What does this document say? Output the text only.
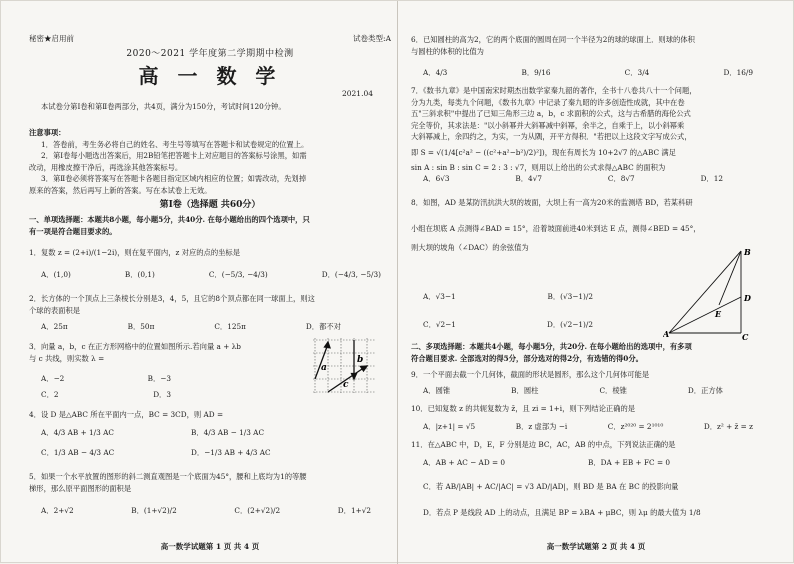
秘密★启用前	试卷类型:A
2020～2021 学年度第二学期期中检测
高 一 数 学
2021.04

本试卷分第Ⅰ卷和第Ⅱ卷两部分，共4页，满分为150分，考试时间120分钟。

注意事项：

1．答卷前，考生务必将自己的姓名、考生号等填写在答题卡和试卷规定的位置上。

2．第Ⅰ卷每小题选出答案后，用2B铅笔把答题卡上对应题目的答案标号涂黑，如需

改动，用橡皮擦干净后，再选涂其他答案标号。

3．第Ⅱ卷必须将答案写在答题卡各题目指定区域内相应的位置；如需改动，先划掉

原来的答案，然后再写上新的答案。写在本试卷上无效。

第Ⅰ卷（选择题 共60分）

一、单项选择题：本题共8小题，每小题5分，共40分. 在每小题给出的四个选项中，只

有一项是符合题目要求的。

1．复数 z = (2+i)/(1−2i)，则在复平面内，z 对应的点的坐标是

A．(1,0)	B．(0,1)	C．(−5/3, −4/3)	D．(−4/3, −5/3)

2．长方体的一个顶点上三条棱长分别是3，4，5，且它的8个顶点都在同一球面上，则这

个球的表面积是

A．25π	B．50π	C．125π	D．都不对

3．向量 a，b，c 在正方形网格中的位置如图所示.若向量 a + λb

与 c 共线，则实数 λ =

A．−2	B．−3
C．2	D．3
a
b
c

4．设 D 是△ABC 所在平面内一点，BC = 3CD，则 AD =

A．4/3 AB + 1/3 AC	B．4/3 AB − 1/3 AC
C．1/3 AB − 4/3 AC	D．−1/3 AB + 4/3 AC

5．如果一个水平放置的图形的斜二测直观图是一个底面为45°，腰和上底均为1的等腰

梯形，那么原平面图形的面积是

A．2+√2	B．(1+√2)/2	C．(2+√2)/2	D．1+√2
高一数学试题第 1 页 共 4 页

6．已知圆柱的高为2，它的两个底面的圆周在同一个半径为2的球的球面上．则球的体积

与圆柱的体积的比值为

A．4/3	B．9/16	C．3/4	D．16/9

7．《数书九章》是中国南宋时期杰出数学家秦九韶的著作，全书十八卷共八十一个问题，

分为九类，每类九个问题，《数书九章》中记录了秦九昭的许多创造性成就，其中在卷

五"三斜求积"中提出了已知三角形三边 a，b，c 求面积的公式，这与古希腊的海伦公式

完全等价，其求法是："以小斜幂并大斜幂减中斜幂，余半之，自乘于上，以小斜幂乘

大斜幂减上，余四约之，为实，一为从隅，开平方得积．"若把以上这段文字写成公式，

即 S = √(1/4[c²a² − ((c²+a²−b²)/2)²])，现在有周长为 10+2√7 的△ABC 满足

sin A : sin B : sin C = 2 : 3 : √7，则用以上给出的公式求得△ABC 的面积为

A．6√3	B．4√7	C．8√7	D．12

8．如图，AD 是某防汛抗洪大坝的坡面，大坝上有一高为20米的监测塔 BD，若某科研

小组在坝底 A 点测得∠BAD = 15°，沿着坡面前进40米到达 E 点，测得∠BED = 45°，

则大坝的坡角（∠DAC）的余弦值为

A．√3−1	B．(√3−1)/2
C．√2−1	D．(√2−1)/2
B
D
E
A	C

二、多项选择题：本题共4小题，每小题5分，共20分. 在每小题给出的选项中，有多项

符合题目要求. 全部选对的得5分，部分选对的得2分，有选错的得0分。

9．一个平面去截一个几何体，截面的形状是圆形，那么这个几何体可能是

A．圆锥	B．圆柱	C．棱锥	D．正方体

10．已知复数 z 的共轭复数为 z̄，且 zi = 1+i，则下列结论正确的是

A．|z+1| = √5	B．z 虚部为 −i	C．z²⁰²⁰ = 2¹⁰¹⁰	D．z² + z̄ = z

11．在△ABC 中，D，E，F 分别是边 BC，AC，AB 的中点，下列说法正确的是

A．AB + AC − AD = 0	B．DA + EB + FC = 0
C．若 AB/|AB| + AC/|AC| = √3 AD/|AD|，则 BD 是 BA 在 BC 的投影向量
D．若点 P 是线段 AD 上的动点，且满足 BP = λBA + μBC，则 λμ 的最大值为 1/8
高一数学试题第 2 页 共 4 页
